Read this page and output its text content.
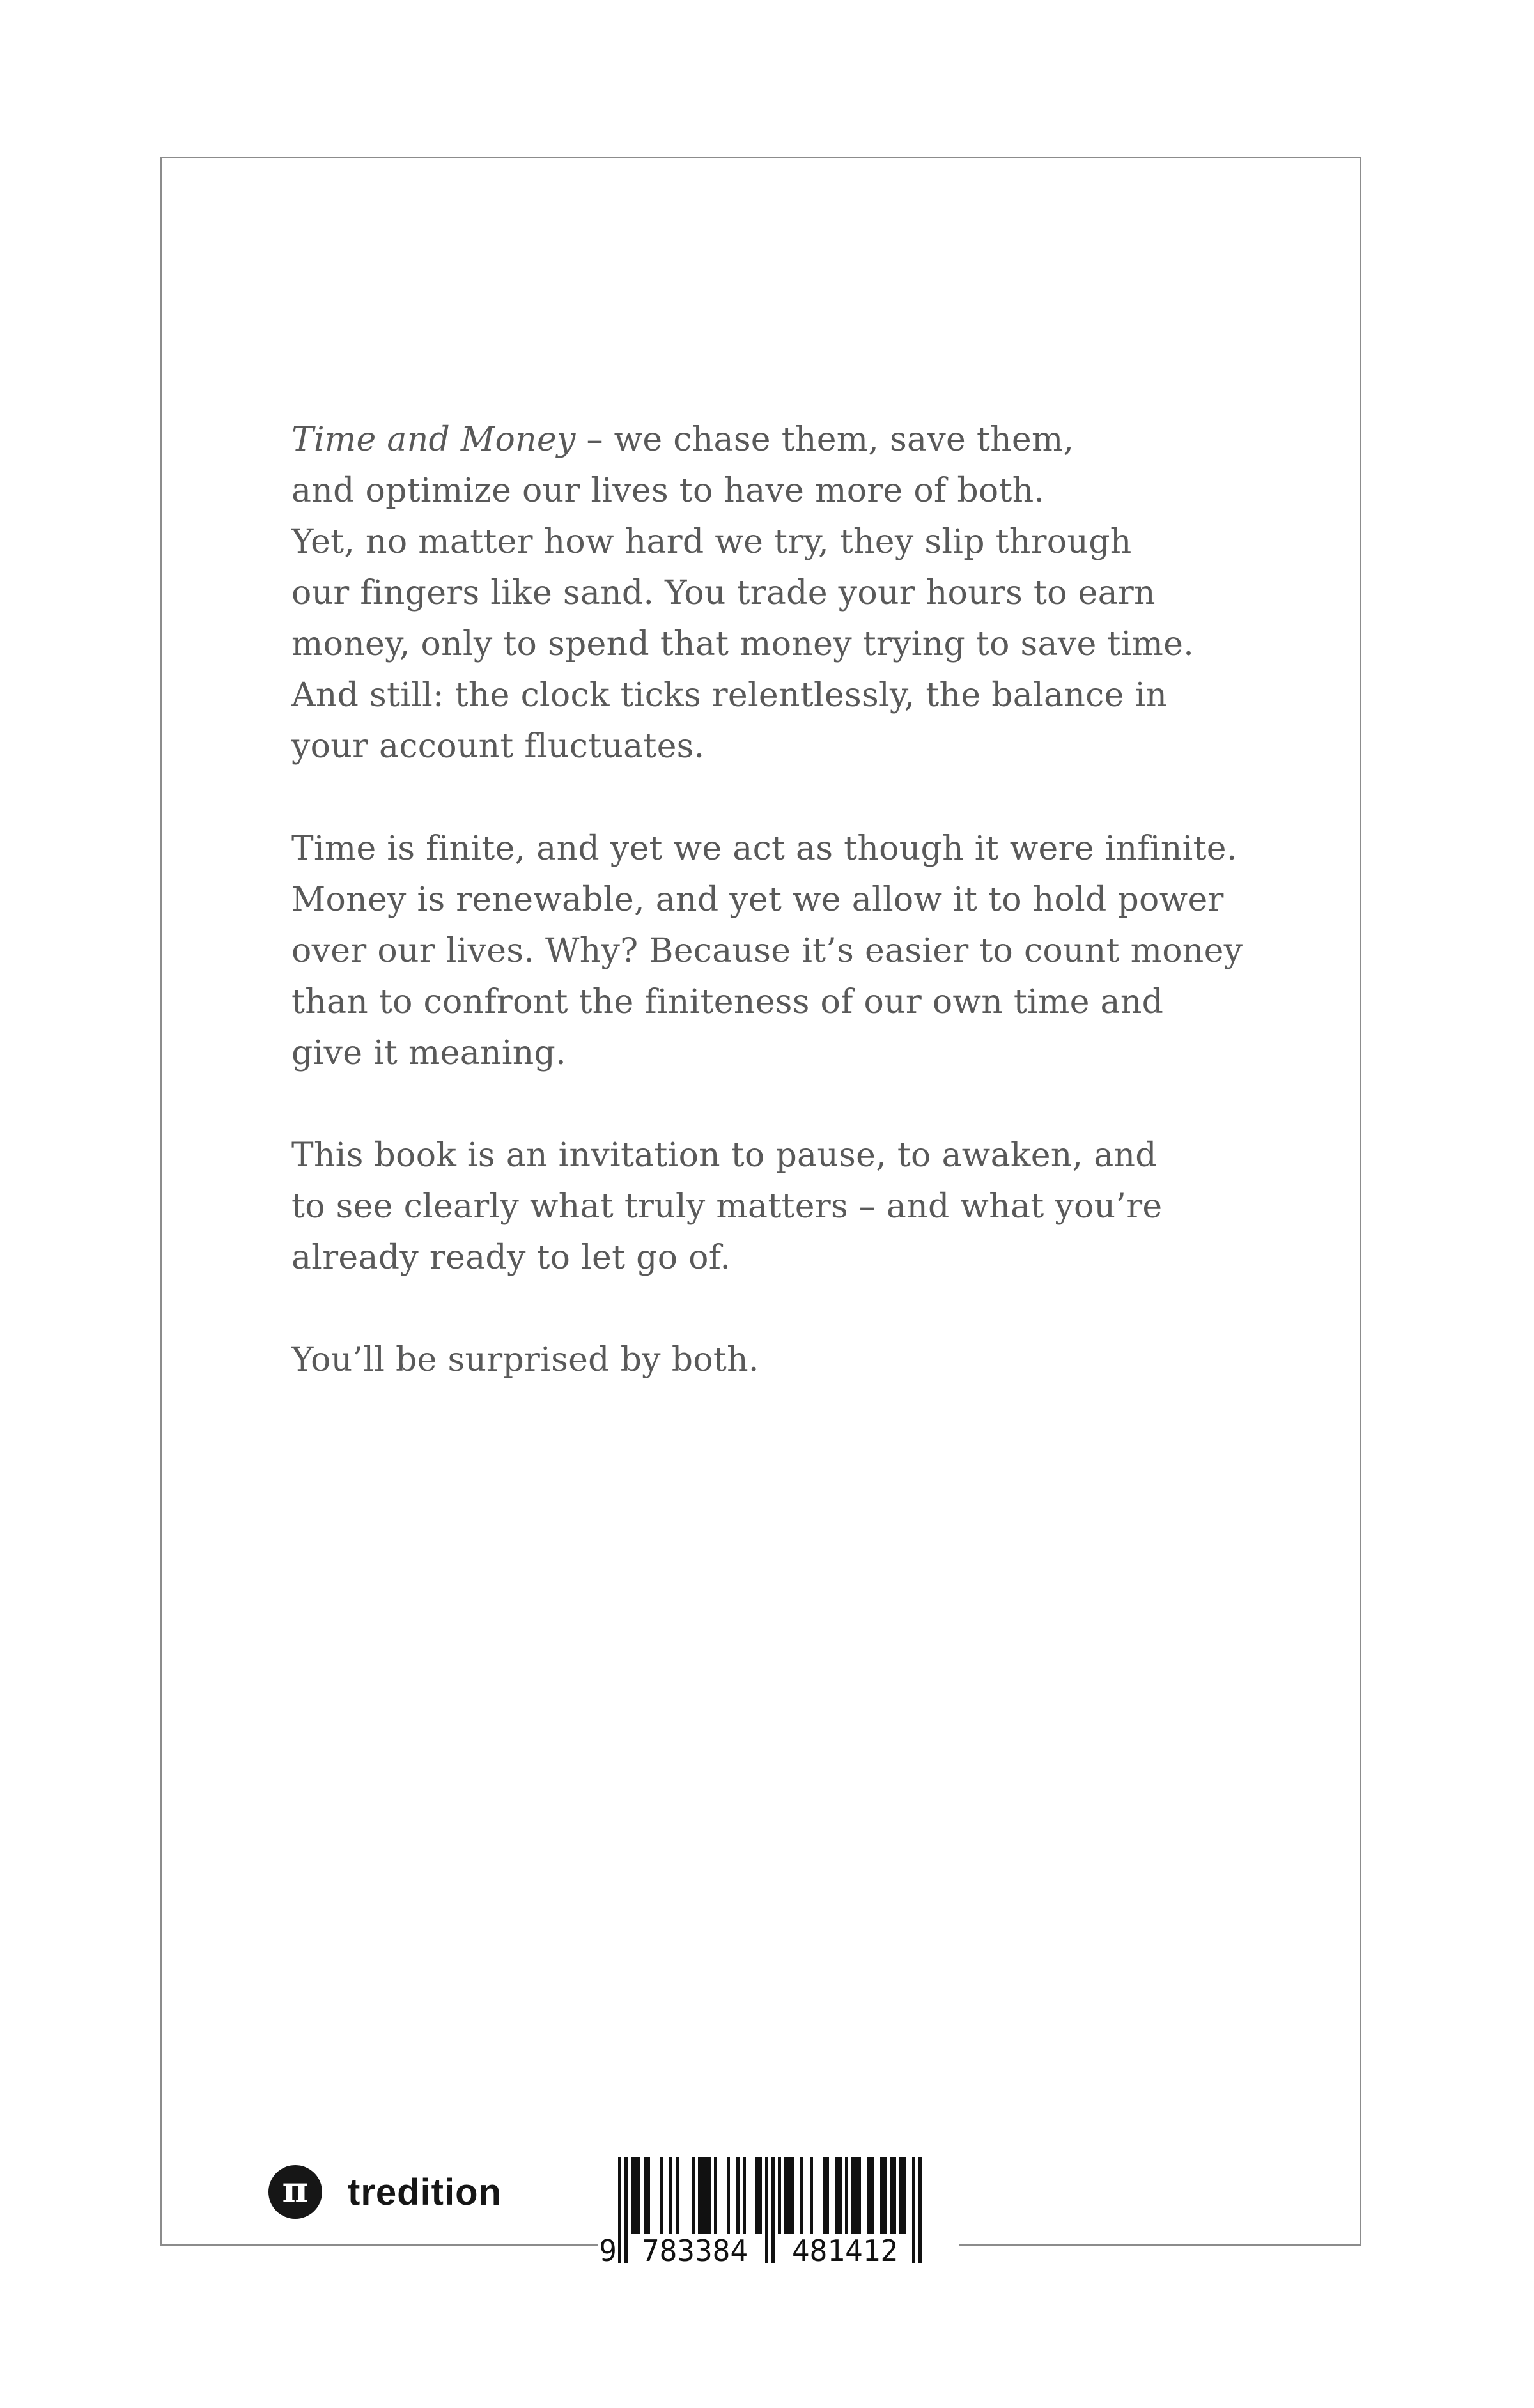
Time and Money – we chase them, save them,
and optimize our lives to have more of both.
Yet, no matter how hard we try, they slip through
our fingers like sand. You trade your hours to earn
money, only to spend that money trying to save time.
And still: the clock ticks relentlessly, the balance in
your account fluctuates.
Time is finite, and yet we act as though it were infinite.
Money is renewable, and yet we allow it to hold power
over our lives. Why? Because it’s easier to count money
than to confront the finiteness of our own time and
give it meaning.
This book is an invitation to pause, to awaken, and
to see clearly what truly matters – and what you’re
already ready to let go of.
You’ll be surprised by both.
π tredition
9 783384	481412
